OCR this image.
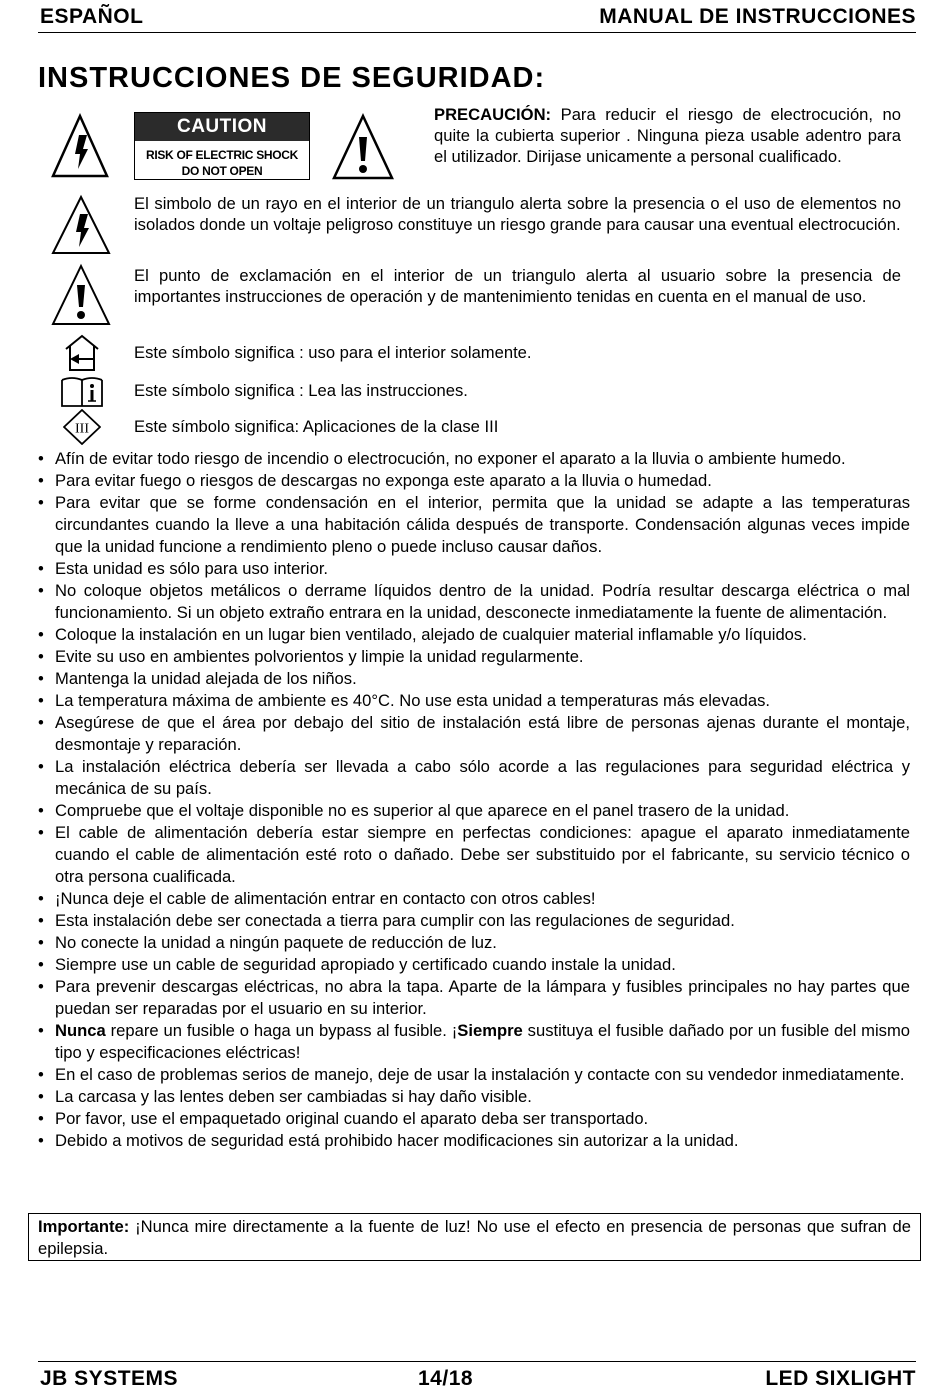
ESPAÑOL	MANUAL DE INSTRUCCIONES
INSTRUCCIONES DE SEGURIDAD:
CAUTION
RISK OF ELECTRIC SHOCK
DO NOT OPEN
PRECAUCIÓN: Para reducir el riesgo de electrocución, no quite la cubierta superior . Ninguna pieza usable adentro para el utilizador. Dirijase unicamente a personal cualificado.
El simbolo de un rayo en el interior de un triangulo alerta sobre la presencia o el uso de elementos no isolados donde un voltaje peligroso constituye un riesgo grande para causar una eventual electrocución.
El punto de exclamación en el interior de un triangulo alerta al usuario sobre la presencia de importantes instrucciones de operación y de mantenimiento tenidas en cuenta en el manual de uso.
Este símbolo significa : uso para el interior solamente.
Este símbolo significa : Lea las instrucciones.
III	Este símbolo significa: Aplicaciones de la clase III
• Afín de evitar todo riesgo de incendio o electrocución, no exponer el aparato a la lluvia o ambiente humedo.
• Para evitar fuego o riesgos de descargas no exponga este aparato a la lluvia o humedad.
• Para evitar que se forme condensación en el interior, permita que la unidad se adapte a las temperaturas circundantes cuando la lleve a una habitación cálida después de transporte. Condensación algunas veces impide que la unidad funcione a rendimiento pleno o puede incluso causar daños.
• Esta unidad es sólo para uso interior.
• No coloque objetos metálicos o derrame líquidos dentro de la unidad. Podría resultar descarga eléctrica o mal funcionamiento. Si un objeto extraño entrara en la unidad, desconecte inmediatamente la fuente de alimentación.
• Coloque la instalación en un lugar bien ventilado, alejado de cualquier material inflamable y/o líquidos.
• Evite su uso en ambientes polvorientos y limpie la unidad regularmente.
• Mantenga la unidad alejada de los niños.
• La temperatura máxima de ambiente es 40°C. No use esta unidad a temperaturas más elevadas.
• Asegúrese de que el área por debajo del sitio de instalación está libre de personas ajenas durante el montaje, desmontaje y reparación.
• La instalación eléctrica debería ser llevada a cabo sólo acorde a las regulaciones para seguridad eléctrica y mecánica de su país.
• Compruebe que el voltaje disponible no es superior al que aparece en el panel trasero de la unidad.
• El cable de alimentación debería estar siempre en perfectas condiciones: apague el aparato inmediatamente cuando el cable de alimentación esté roto o dañado. Debe ser substituido por el fabricante, su servicio técnico o otra persona cualificada.
• ¡Nunca deje el cable de alimentación entrar en contacto con otros cables!
• Esta instalación debe ser conectada a tierra para cumplir con las regulaciones de seguridad.
• No conecte la unidad a ningún paquete de reducción de luz.
• Siempre use un cable de seguridad apropiado y certificado cuando instale la unidad.
• Para prevenir descargas eléctricas, no abra la tapa. Aparte de la lámpara y fusibles principales no hay partes que puedan ser reparadas por el usuario en su interior.
• Nunca repare un fusible o haga un bypass al fusible. ¡Siempre sustituya el fusible dañado por un fusible del mismo tipo y especificaciones eléctricas!
• En el caso de problemas serios de manejo, deje de usar la instalación y contacte con su vendedor inmediatamente.
• La carcasa y las lentes deben ser cambiadas si hay daño visible.
• Por favor, use el empaquetado original cuando el aparato deba ser transportado.
• Debido a motivos de seguridad está prohibido hacer modificaciones sin autorizar a la unidad.
Importante: ¡Nunca mire directamente a la fuente de luz! No use el efecto en presencia de personas que sufran de epilepsia.
JB SYSTEMS	14/18	LED SIXLIGHT
